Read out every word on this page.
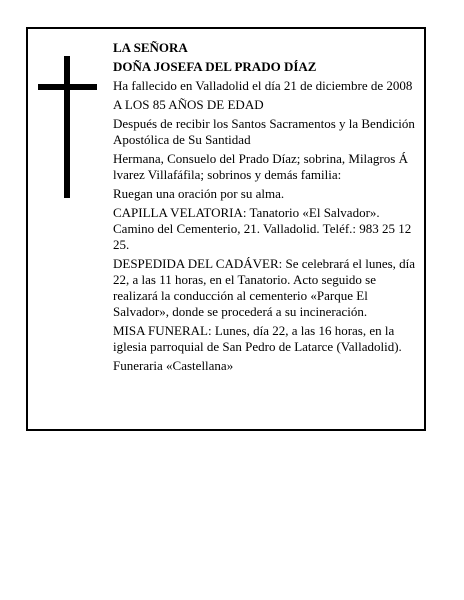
LA SEÑORA

DOÑA JOSEFA DEL PRADO DÍAZ

Ha fallecido en Valladolid el día 21 de diciembre de 2008

A LOS 85 AÑOS DE EDAD

Después de recibir los Santos Sacramentos y la Bendición Apostólica de Su Santidad

Hermana, Consuelo del Prado Díaz; sobrina, Milagros Á lvarez Villafáfila; sobrinos y demás familia:

Ruegan una oración por su alma.

CAPILLA VELATORIA: Tanatorio «El Salvador». Camino del Cementerio, 21. Valladolid. Teléf.: 983 25 12 25.

DESPEDIDA DEL CADÁVER: Se celebrará el lunes, día 22, a las 11 horas, en el Tanatorio. Acto seguido se realizará la conducción al cementerio «Parque El Salvador», donde se procederá a su incineración.

MISA FUNERAL: Lunes, día 22, a las 16 horas, en la iglesia parroquial de San Pedro de Latarce (Valladolid).

Funeraria «Castellana»
